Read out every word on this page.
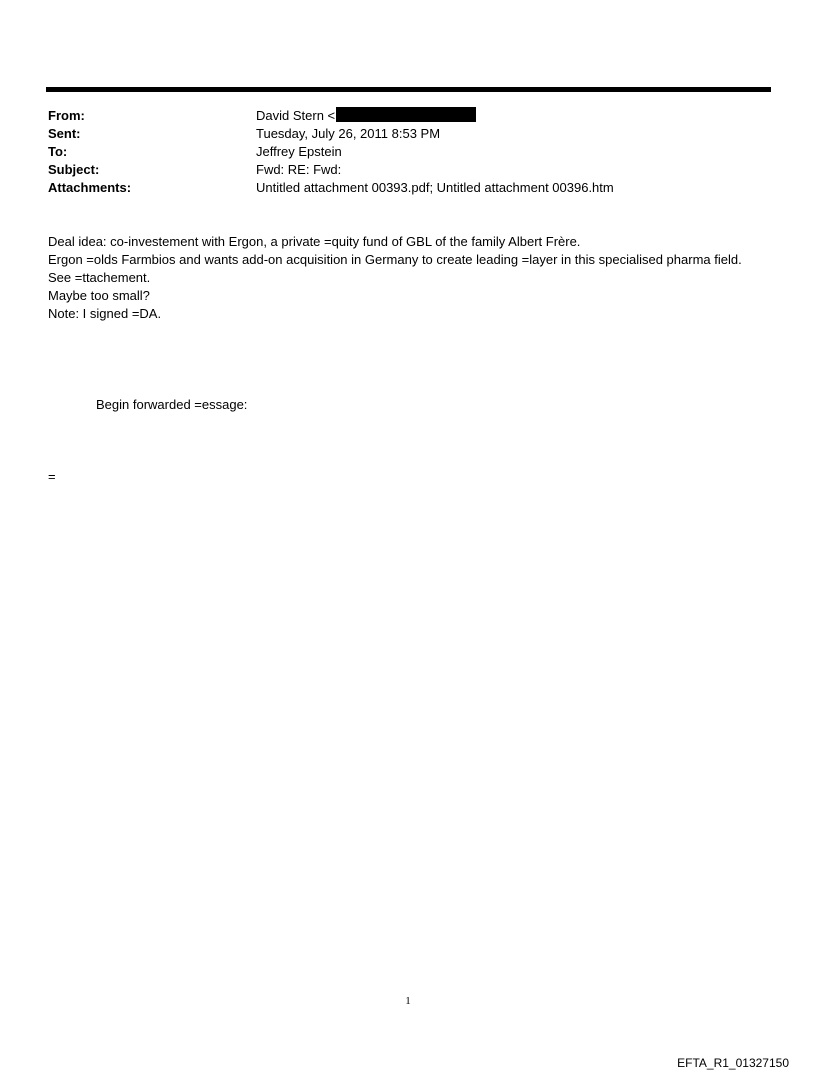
From:	David Stern <
Sent:	Tuesday, July 26, 2011 8:53 PM
To:	Jeffrey Epstein
Subject:	Fwd: RE: Fwd:
Attachments:	Untitled attachment 00393.pdf; Untitled attachment 00396.htm

Deal idea: co-investement with Ergon, a private =quity fund of GBL of the family Albert Frère.

Ergon =olds Farmbios and wants add-on acquisition in Germany to create leading =layer in this specialised pharma field.

See =ttachement.

Maybe too small?

Note: I signed =DA.

Begin forwarded =essage:
=
1
EFTA_R1_01327150
